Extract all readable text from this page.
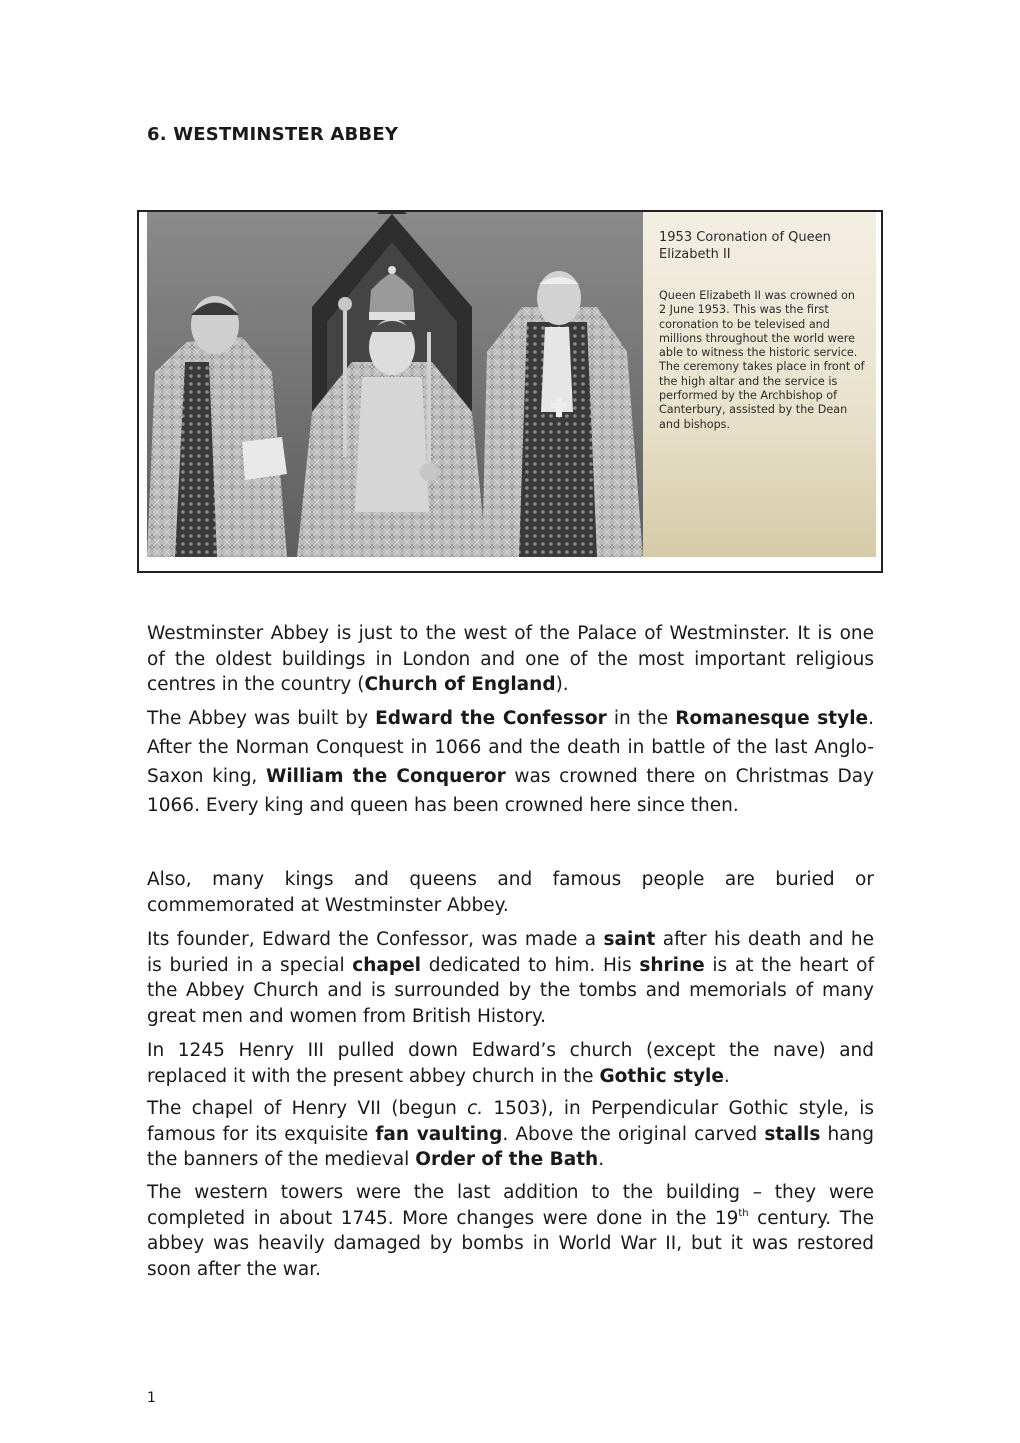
6. WESTMINSTER ABBEY

1953 Coronation of Queen Elizabeth II

Queen Elizabeth II was crowned on 2 June 1953. This was the first coronation to be televised and millions throughout the world were able to witness the historic service. The ceremony takes place in front of the high altar and the service is performed by the Archbishop of Canterbury, assisted by the Dean and bishops.

Westminster Abbey is just to the west of the Palace of Westminster. It is one of the oldest buildings in London and one of the most important religious centres in the country (Church of England).

The Abbey was built by Edward the Confessor in the Romanesque style. After the Norman Conquest in 1066 and the death in battle of the last Anglo-Saxon king, William the Conqueror was crowned there on Christmas Day 1066. Every king and queen has been crowned here since then.

Also, many kings and queens and famous people are buried or commemorated at Westminster Abbey.

Its founder, Edward the Confessor, was made a saint after his death and he is buried in a special chapel dedicated to him. His shrine is at the heart of the Abbey Church and is surrounded by the tombs and memorials of many great men and women from British History.

In 1245 Henry III pulled down Edward’s church (except the nave) and replaced it with the present abbey church in the Gothic style.

The chapel of Henry VII (begun c. 1503), in Perpendicular Gothic style, is famous for its exquisite fan vaulting. Above the original carved stalls hang the banners of the medieval Order of the Bath.

The western towers were the last addition to the building – they were completed in about 1745. More changes were done in the 19th century. The abbey was heavily damaged by bombs in World War II, but it was restored soon after the war.

1
